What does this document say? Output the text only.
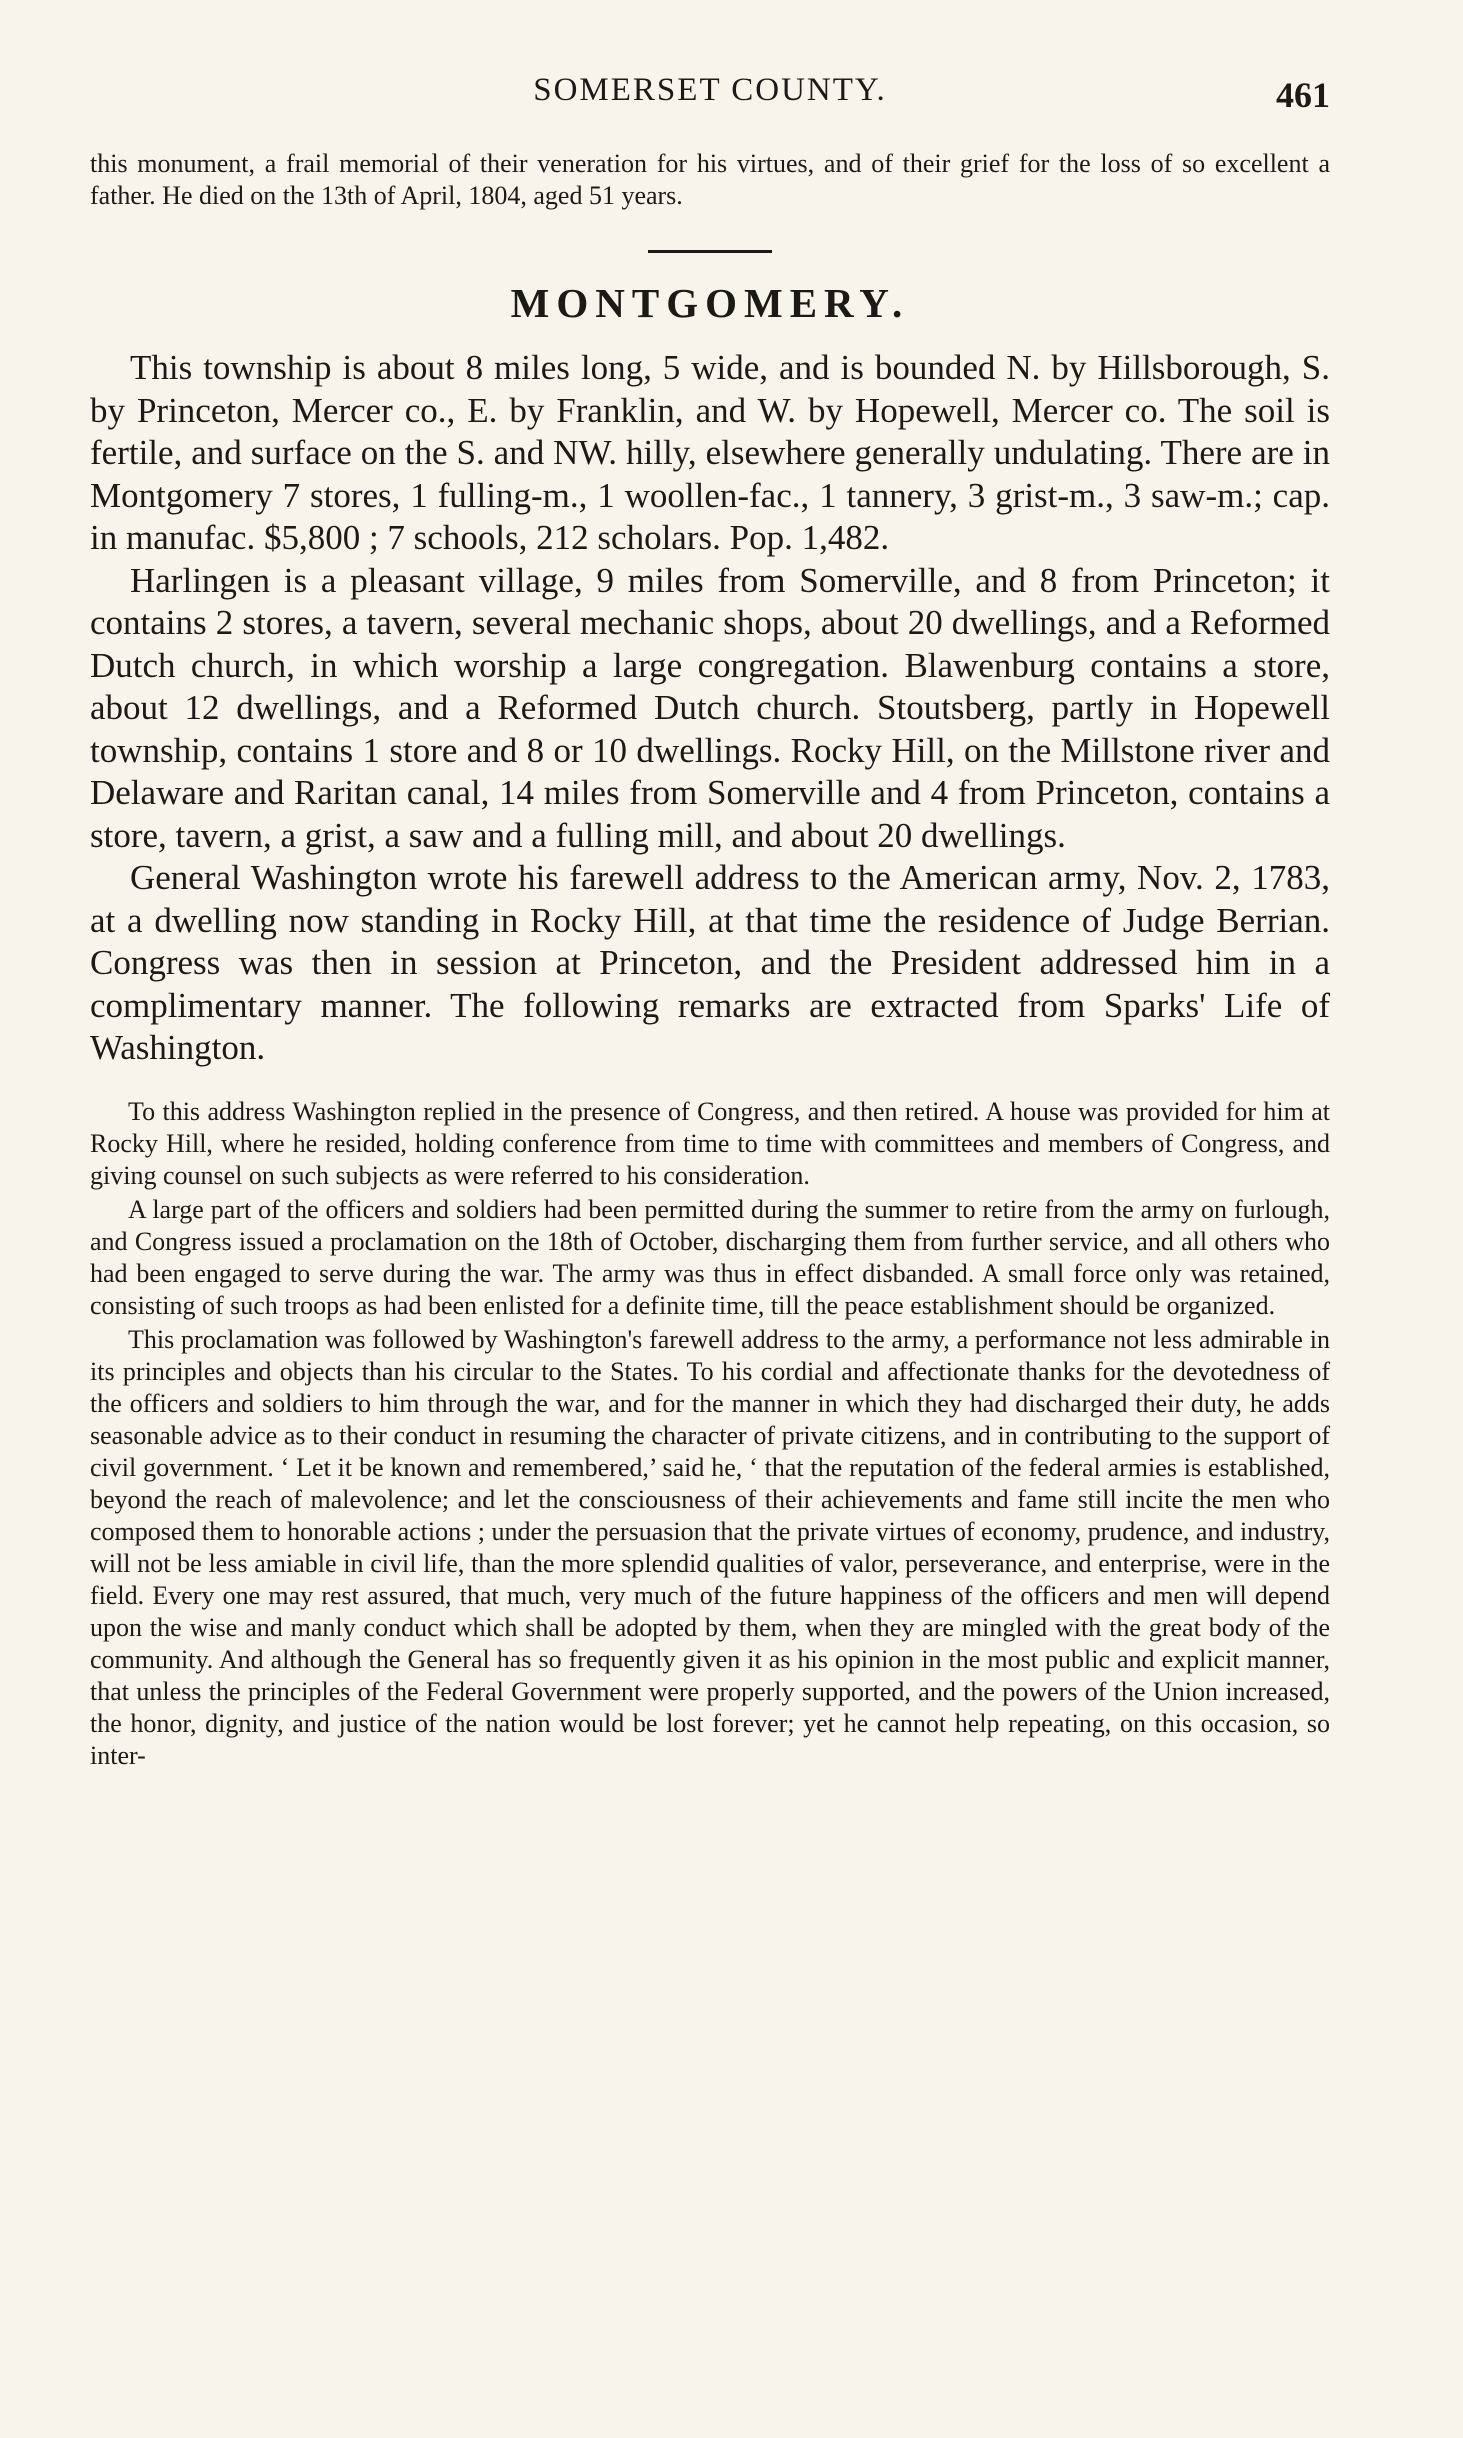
SOMERSET COUNTY.	461
this monument, a frail memorial of their veneration for his virtues, and of their grief for the loss of so excellent a father. He died on the 13th of April, 1804, aged 51 years.
MONTGOMERY.

This township is about 8 miles long, 5 wide, and is bounded N. by Hillsborough, S. by Princeton, Mercer co., E. by Franklin, and W. by Hopewell, Mercer co. The soil is fertile, and surface on the S. and NW. hilly, elsewhere generally undulating. There are in Montgomery 7 stores, 1 fulling-m., 1 woollen-fac., 1 tannery, 3 grist-m., 3 saw-m.; cap. in manufac. $5,800 ; 7 schools, 212 scholars. Pop. 1,482.

Harlingen is a pleasant village, 9 miles from Somerville, and 8 from Princeton; it contains 2 stores, a tavern, several mechanic shops, about 20 dwellings, and a Reformed Dutch church, in which worship a large congregation. Blawenburg contains a store, about 12 dwellings, and a Reformed Dutch church. Stoutsberg, partly in Hopewell township, contains 1 store and 8 or 10 dwellings. Rocky Hill, on the Millstone river and Delaware and Raritan canal, 14 miles from Somerville and 4 from Princeton, contains a store, tavern, a grist, a saw and a fulling mill, and about 20 dwellings.

General Washington wrote his farewell address to the American army, Nov. 2, 1783, at a dwelling now standing in Rocky Hill, at that time the residence of Judge Berrian. Congress was then in session at Princeton, and the President addressed him in a complimentary manner. The following remarks are extracted from Sparks' Life of Washington.

To this address Washington replied in the presence of Congress, and then retired. A house was provided for him at Rocky Hill, where he resided, holding conference from time to time with committees and members of Congress, and giving counsel on such subjects as were referred to his consideration.

A large part of the officers and soldiers had been permitted during the summer to retire from the army on furlough, and Congress issued a proclamation on the 18th of October, discharging them from further service, and all others who had been engaged to serve during the war. The army was thus in effect disbanded. A small force only was retained, consisting of such troops as had been enlisted for a definite time, till the peace establishment should be organized.

This proclamation was followed by Washington's farewell address to the army, a performance not less admirable in its principles and objects than his circular to the States. To his cordial and affectionate thanks for the devotedness of the officers and soldiers to him through the war, and for the manner in which they had discharged their duty, he adds seasonable advice as to their conduct in resuming the character of private citizens, and in contributing to the support of civil government. ‘ Let it be known and remembered,’ said he, ‘ that the reputation of the federal armies is established, beyond the reach of malevolence; and let the consciousness of their achievements and fame still incite the men who composed them to honorable actions ; under the persuasion that the private virtues of economy, prudence, and industry, will not be less amiable in civil life, than the more splendid qualities of valor, perseverance, and enterprise, were in the field. Every one may rest assured, that much, very much of the future happiness of the officers and men will depend upon the wise and manly conduct which shall be adopted by them, when they are mingled with the great body of the community. And although the General has so frequently given it as his opinion in the most public and explicit manner, that unless the principles of the Federal Government were properly supported, and the powers of the Union increased, the honor, dignity, and justice of the nation would be lost forever; yet he cannot help repeating, on this occasion, so inter-
